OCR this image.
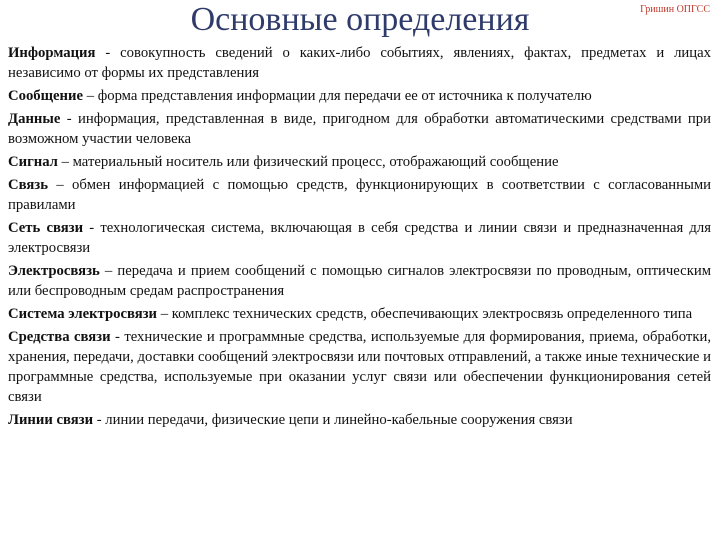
Основные определения	Гришин ОПГСС
Информация - совокупность сведений о каких-либо событиях, явлениях, фактах, предметах и лицах независимо от формы их представления
Сообщение – форма представления информации для передачи ее от источника к получателю
Данные - информация, представленная в виде, пригодном для обработки автоматическими средствами при возможном участии человека
Сигнал – материальный носитель или физический процесс, отображающий сообщение
Связь – обмен информацией с помощью средств, функционирующих в соответствии с согласованными правилами
Сеть связи - технологическая система, включающая в себя средства и линии связи и предназначенная для электросвязи
Электросвязь – передача и прием сообщений с помощью сигналов электросвязи по проводным, оптическим или беспроводным средам распространения
Система электросвязи – комплекс технических средств, обеспечивающих электросвязь определенного типа
Средства связи - технические и программные средства, используемые для формирования, приема, обработки, хранения, передачи, доставки сообщений электросвязи или почтовых отправлений, а также иные технические и программные средства, используемые при оказании услуг связи или обеспечении функционирования сетей связи
Линии связи - линии передачи, физические цепи и линейно-кабельные сооружения связи
